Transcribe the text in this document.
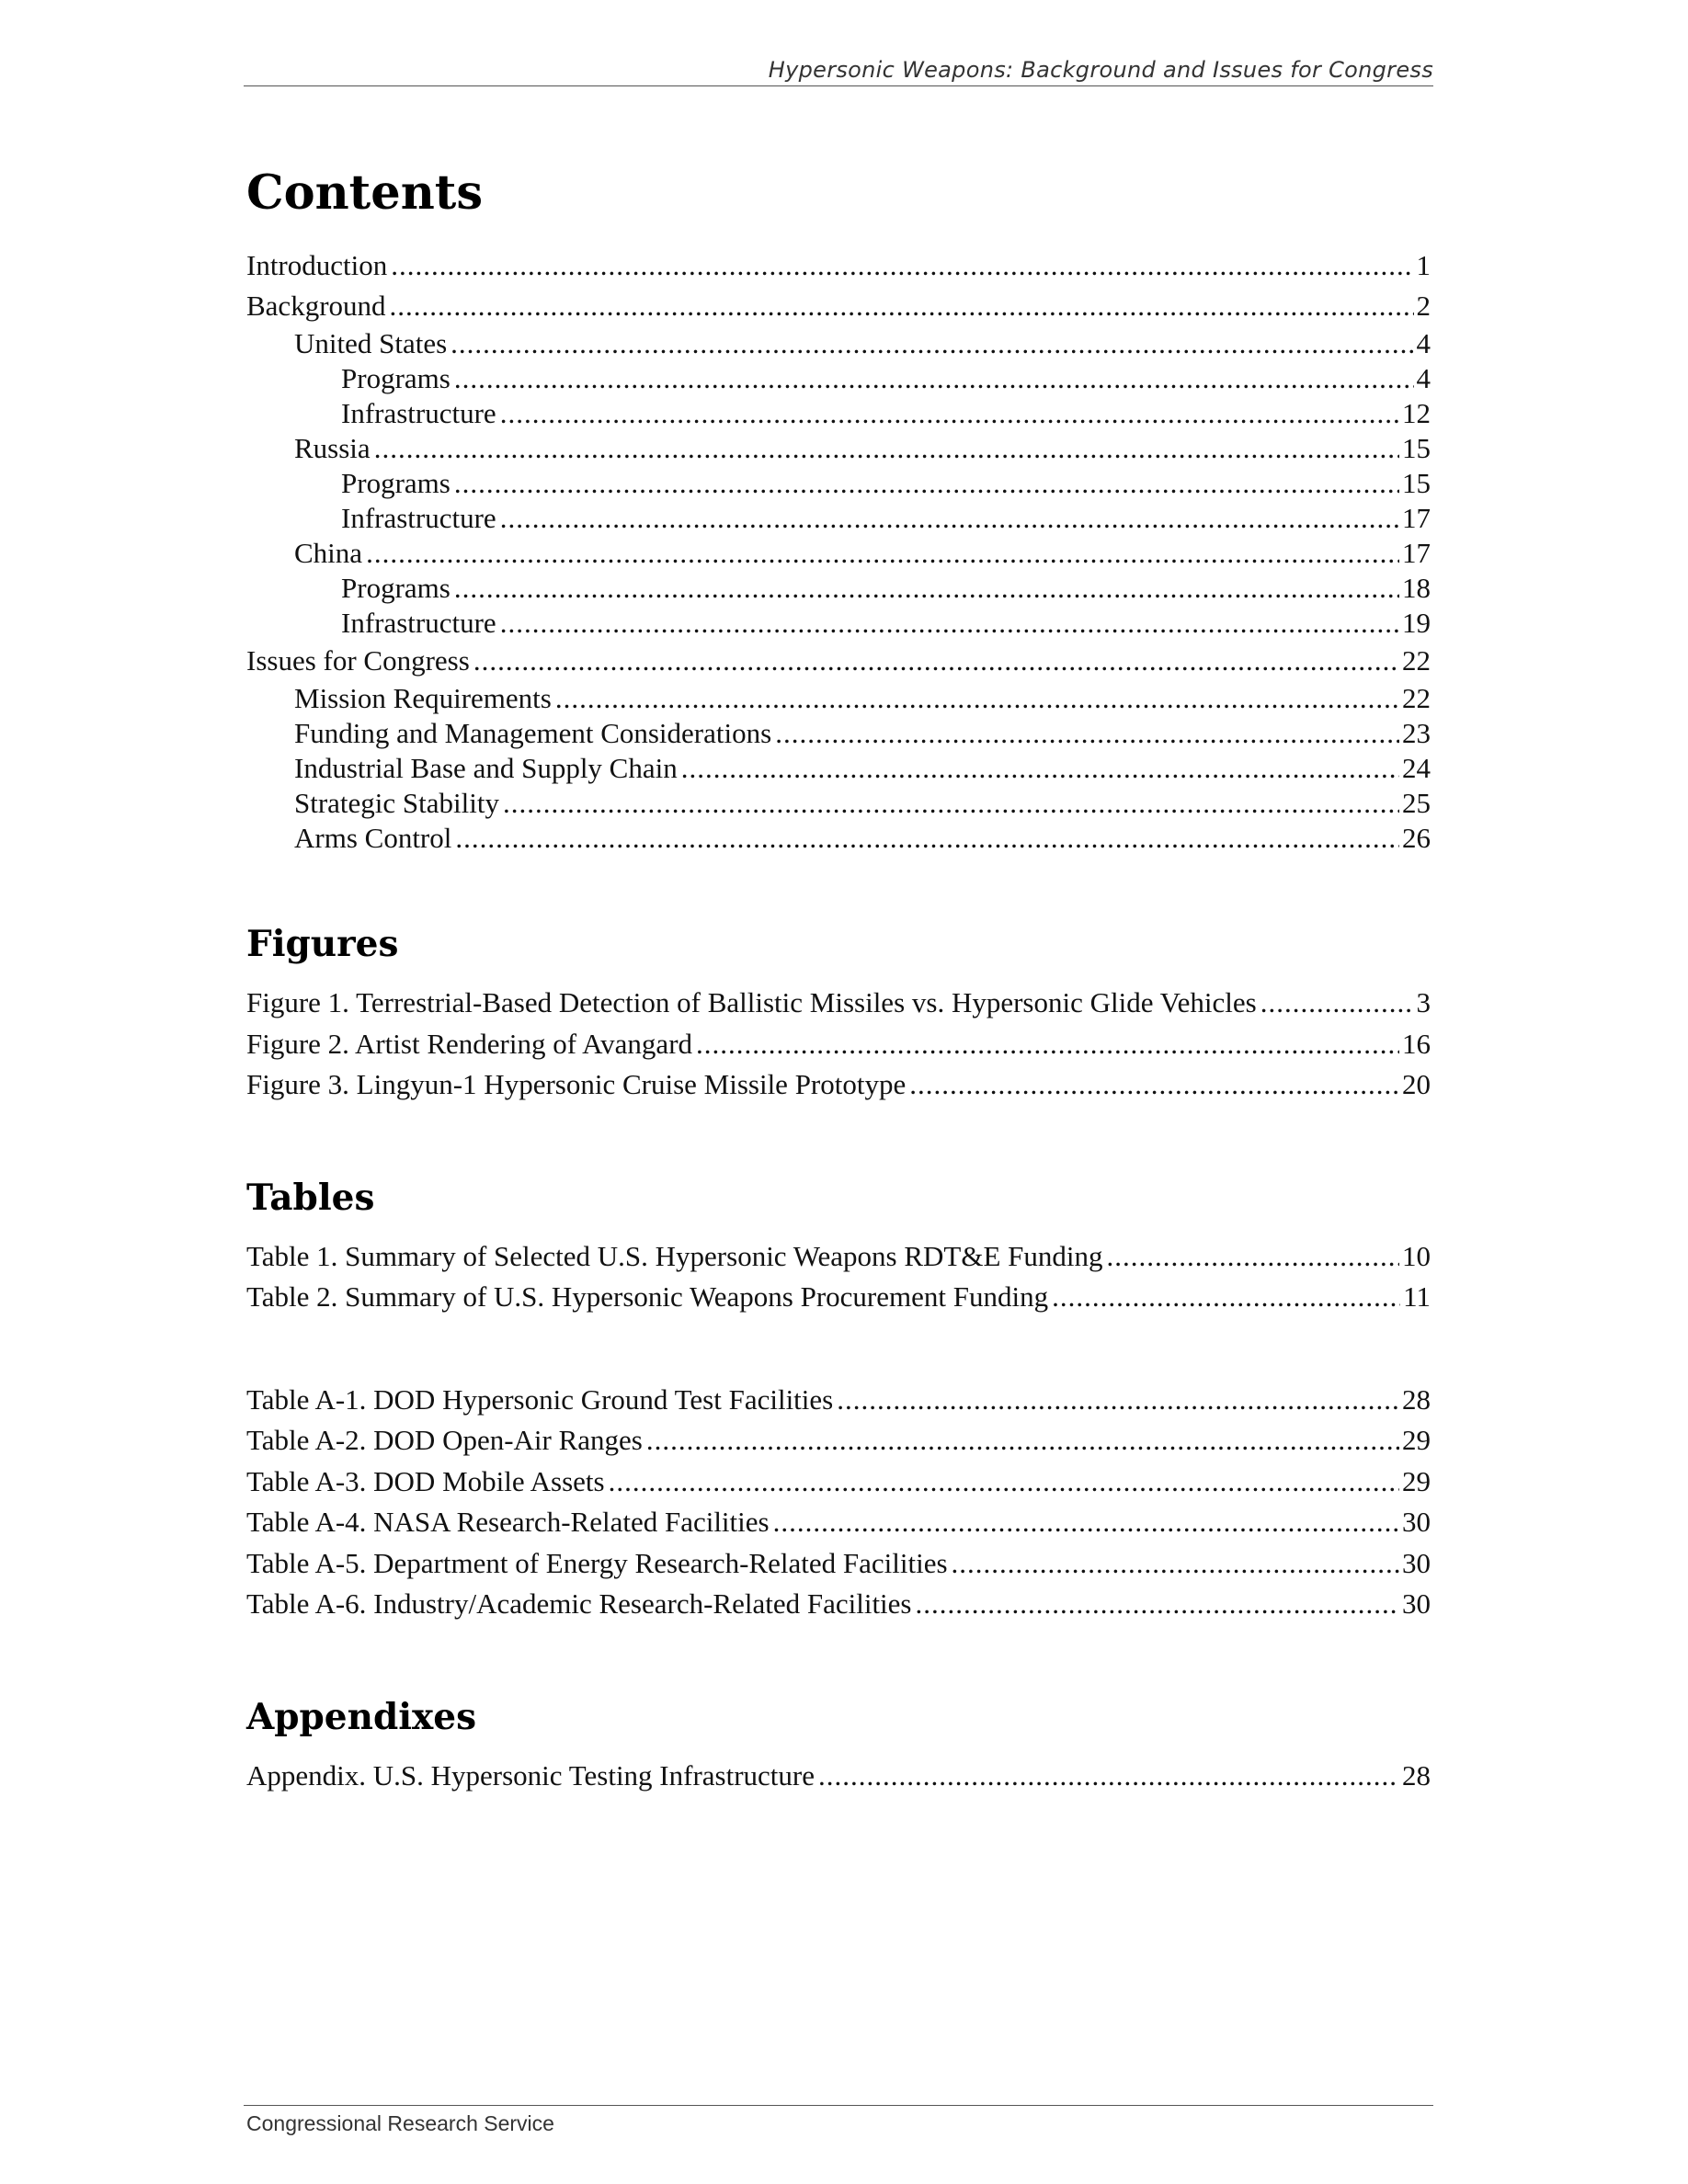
Hypersonic Weapons: Background and Issues for Congress
Contents
Introduction .....	1
Background .....	2
United States .....	4
Programs .....	4
Infrastructure .....	12
Russia .....	15
Programs .....	15
Infrastructure .....	17
China .....	17
Programs .....	18
Infrastructure .....	19
Issues for Congress .....	22
Mission Requirements .....	22
Funding and Management Considerations .....	23
Industrial Base and Supply Chain .....	24
Strategic Stability .....	25
Arms Control .....	26
Figures
Figure 1. Terrestrial-Based Detection of Ballistic Missiles vs. Hypersonic Glide Vehicles .....	3
Figure 2. Artist Rendering of Avangard .....	16
Figure 3. Lingyun-1 Hypersonic Cruise Missile Prototype .....	20
Tables
Table 1. Summary of Selected U.S. Hypersonic Weapons RDT&E Funding .....	10
Table 2. Summary of U.S. Hypersonic Weapons Procurement Funding .....	11
Table A-1. DOD Hypersonic Ground Test Facilities .....	28
Table A-2. DOD Open-Air Ranges .....	29
Table A-3. DOD Mobile Assets .....	29
Table A-4. NASA Research-Related Facilities .....	30
Table A-5. Department of Energy Research-Related Facilities .....	30
Table A-6. Industry/Academic Research-Related Facilities .....	30
Appendixes
Appendix. U.S. Hypersonic Testing Infrastructure .....	28
Congressional Research Service
